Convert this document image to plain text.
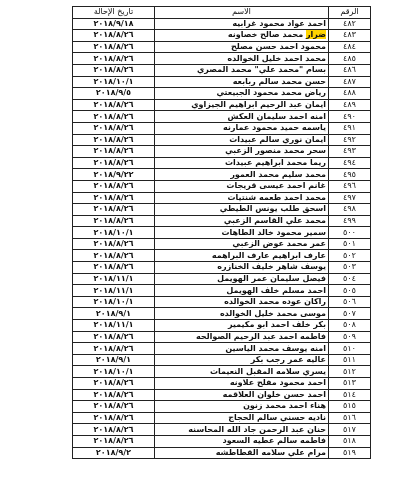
الرقم	الاسم	تاريخ الإحالة
٤٨٢	احمد عواد محمود غرابيه	٢٠١٨/٩/١٨
٤٨٣	ضرار محمد صالح خصاونه	٢٠١٨/٨/٢٦
٤٨٤	محمود احمد حسن مصلح	٢٠١٨/٨/٢٦
٤٨٥	محمد احمد خليل الخوالده	٢٠١٨/٨/٢٦
٤٨٦	بسام "محمد علي" محمد المصري	٢٠١٨/٨/٢٦
٤٨٧	حسن محمد سالم ربابعه	٢٠١٨/١٠/١
٤٨٨	رياض محمد محمود الجبيعتي	٢٠١٨/٩/٥
٤٨٩	ايمان عبد الرحيم ابراهيم الجيزاوي	٢٠١٨/٨/٢٦
٤٩٠	امنه احمد سليمان العكش	٢٠١٨/٨/٢٦
٤٩١	ياسمه حميد محمود عمارنه	٢٠١٨/٨/٢٦
٤٩٢	ايمان نوري سالم عبيدات	٢٠١٨/٨/٢٦
٤٩٣	سحر محمد منصور الزعبي	٢٠١٨/٨/٢٦
٤٩٤	ريما محمد ابراهيم عبيدات	٢٠١٨/٨/٢٦
٤٩٥	محمد سليم محمد العمور	٢٠١٨/٩/٢٢
٤٩٦	غانم احمد عيسى قريجات	٢٠١٨/٨/٢٦
٤٩٧	محمد احمد طعمه شنتيات	٢٠١٨/٨/٢٦
٤٩٨	اسحق طلب يونس الطيطي	٢٠١٨/٨/٢٦
٤٩٩	محمد علي القاسم الزعبي	٢٠١٨/٨/٢٦
٥٠٠	سمير محمود خالد الطاهات	٢٠١٨/١٠/١
٥٠١	عمر محمد عوض الزعبي	٢٠١٨/٨/٢٦
٥٠٢	عارف ابراهيم عارف البراهمه	٢٠١٨/٨/٢٦
٥٠٣	يوسف شاهر خليف الخنازره	٢٠١٨/٨/٢٦
٥٠٤	فيصل سليمان عمر الهويمل	٢٠١٨/١١/١
٥٠٥	احمد مسلم خلف الهويمل	٢٠١٨/١١/١
٥٠٦	راكان عوده محمد الخوالده	٢٠١٨/١٠/١
٥٠٧	موسى محمد خليل الخوالده	٢٠١٨/٩/١
٥٠٨	بكر خلف احمد ابو مكيمير	٢٠١٨/١١/١
٥٠٩	فاطمه احمد عبد الرحيم الصوالحه	٢٠١٨/٨/٢٦
٥١٠	امنه يوسف محمد الياسين	٢٠١٨/٨/٢٦
٥١١	عاليه عمر رجب بكر	٢٠١٨/٩/١
٥١٢	يسري سلامه المقبل النعيمات	٢٠١٨/١٠/١
٥١٣	احمد محمود مفلح علاونه	٢٠١٨/٨/٢٦
٥١٤	احمد حسن خلوان العلاقمه	٢٠١٨/٨/٢٦
٥١٥	هناء احمد محمد زنون	٢٠١٨/٨/٢٦
٥١٦	ناديه حسني سالم الحجاج	٢٠١٨/٨/٢٦
٥١٧	حنان عبد الرحمن جاد الله المحاسنه	٢٠١٨/٨/٢٦
٥١٨	فاطمه سالم عطيه السعود	٢٠١٨/٨/٢٦
٥١٩	مرام علي سلامه القطاطشه	٢٠١٨/٩/٢
